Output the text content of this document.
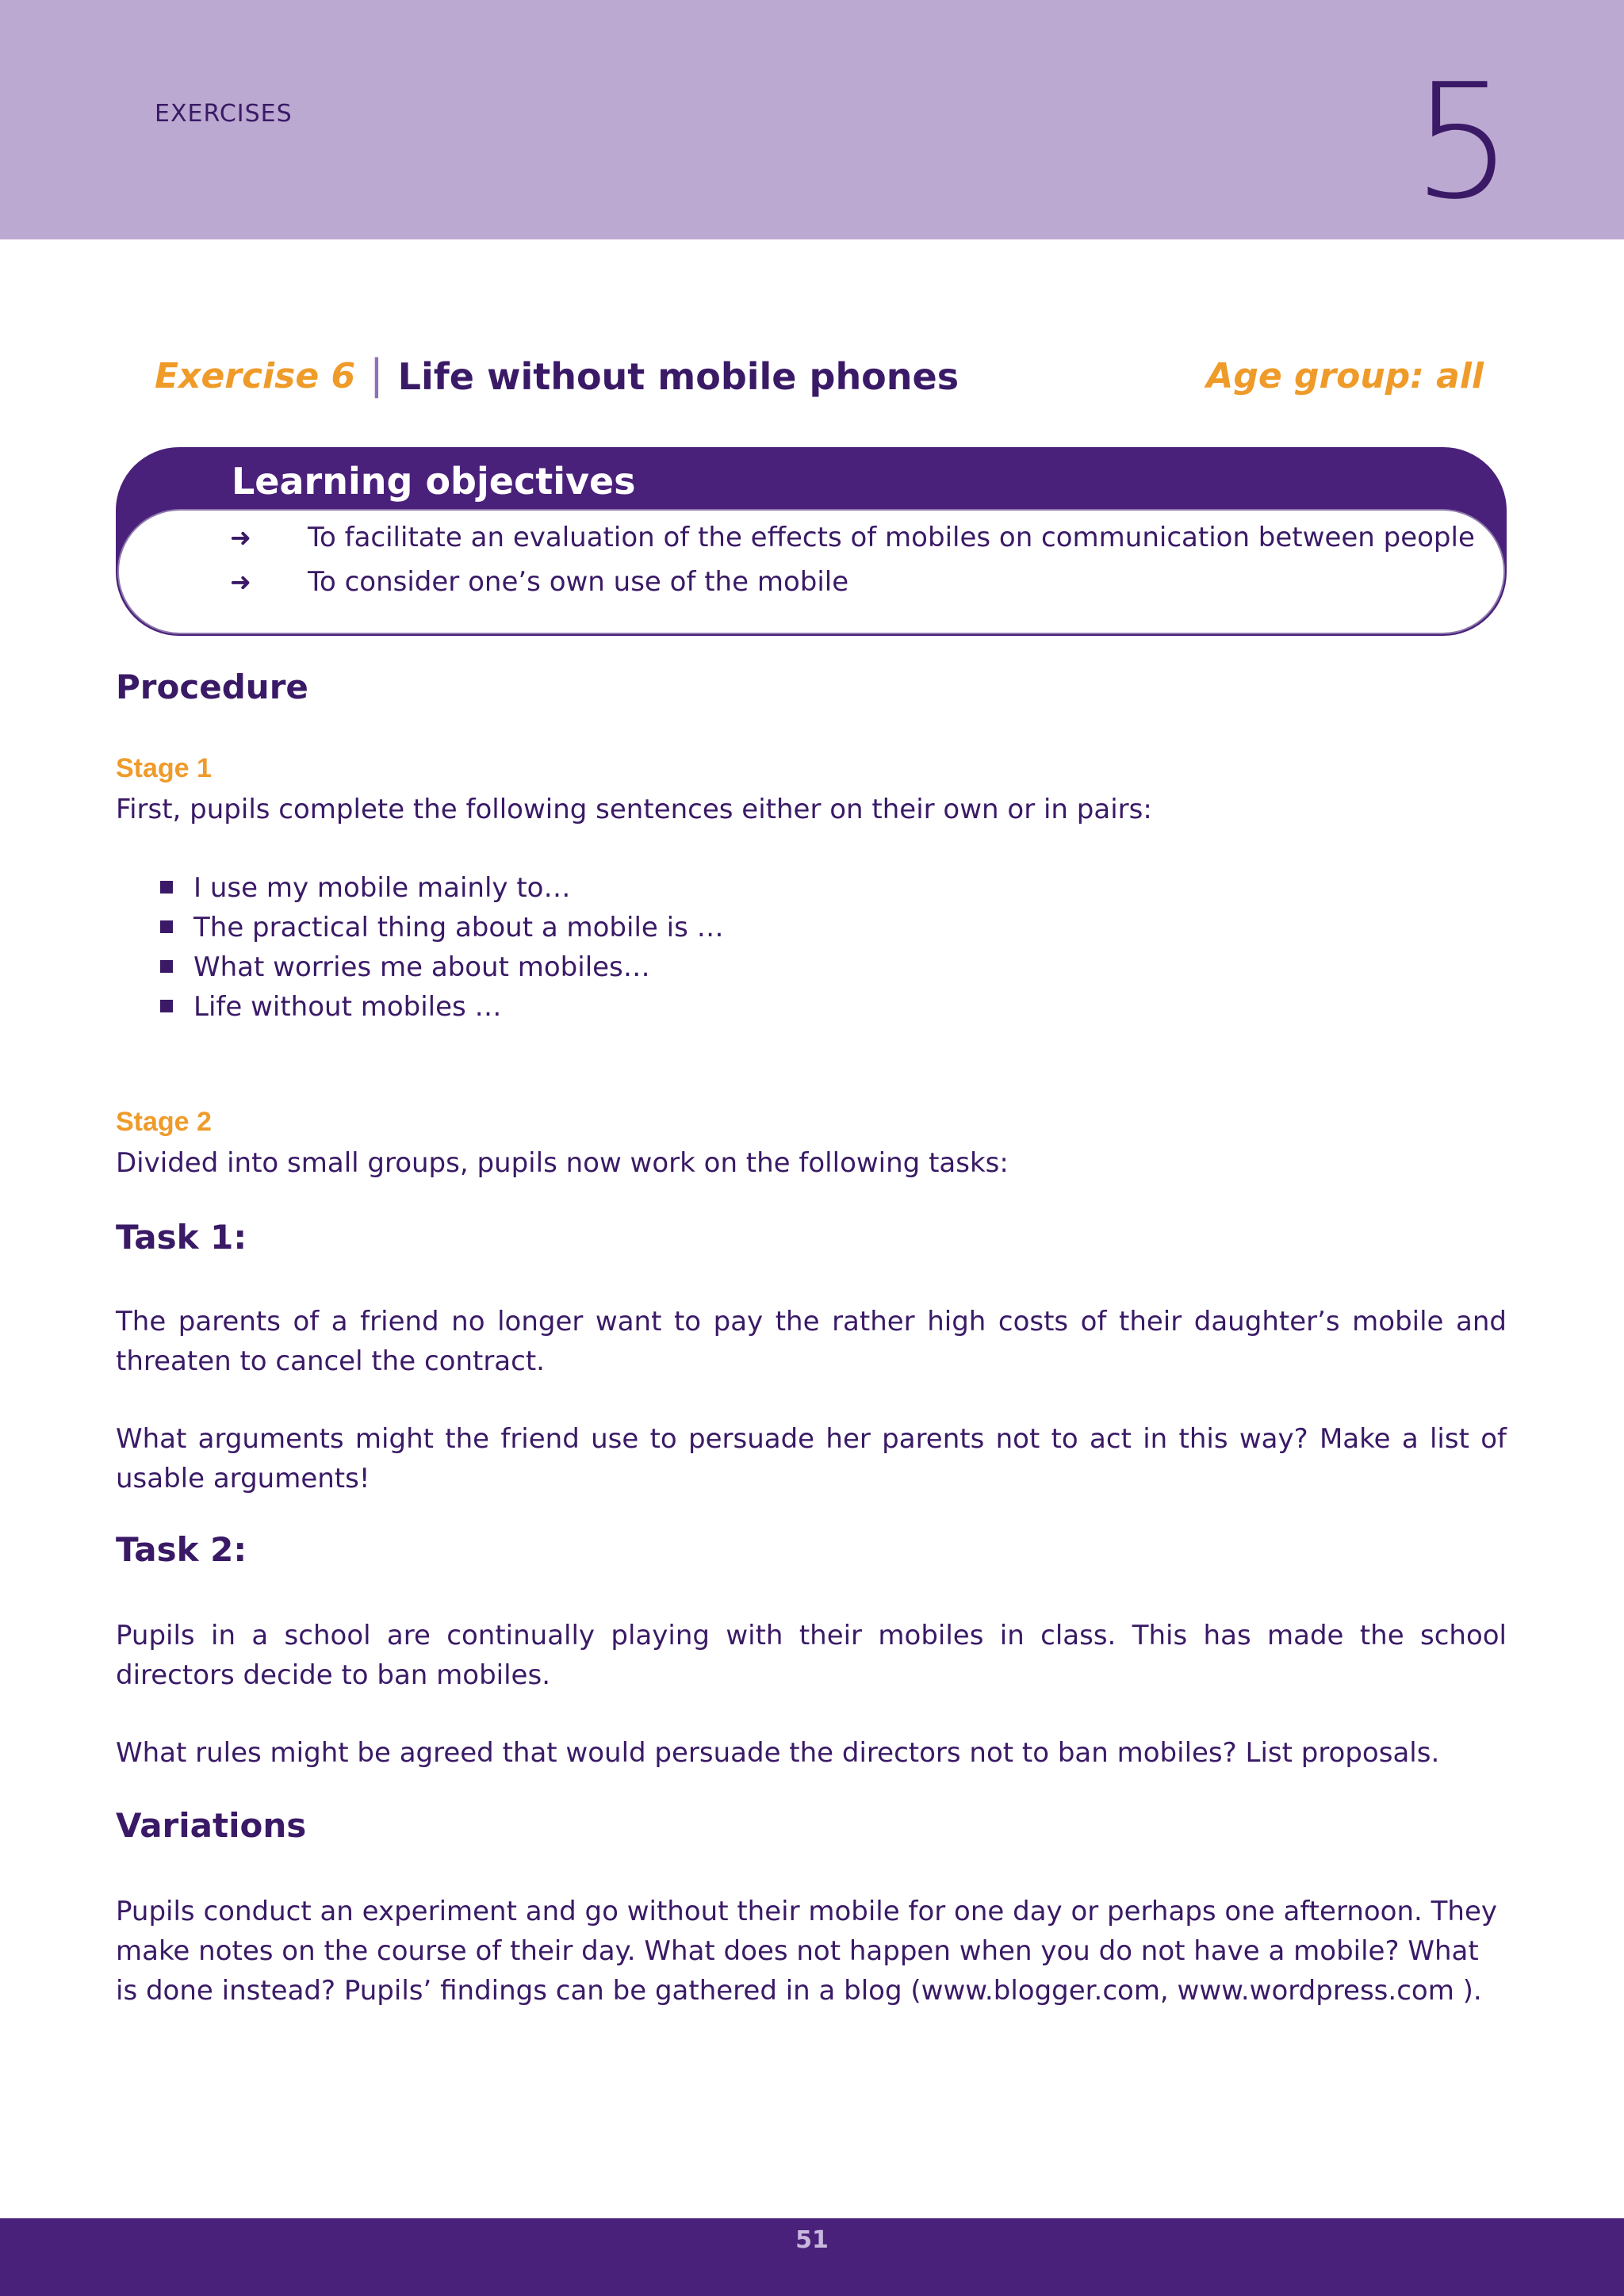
EXERCISES	5
Exercise 6 | Life without mobile phones	Age group: all
Learning objectives
➜ To facilitate an evaluation of the effects of mobiles on communication between people
➜ To consider one’s own use of the mobile
Procedure
Stage 1
First, pupils complete the following sentences either on their own or in pairs:
I use my mobile mainly to…
The practical thing about a mobile is …
What worries me about mobiles…
Life without mobiles …
Stage 2
Divided into small groups, pupils now work on the following tasks:
Task 1:
The parents of a friend no longer want to pay the rather high costs of their daughter’s mobile and threaten to cancel the contract.
What arguments might the friend use to persuade her parents not to act in this way? Make a list of usable arguments!
Task 2:
Pupils in a school are continually playing with their mobiles in class. This has made the school directors decide to ban mobiles.
What rules might be agreed that would persuade the directors not to ban mobiles? List proposals.
Variations
Pupils conduct an experiment and go without their mobile for one day or perhaps one afternoon. They make notes on the course of their day. What does not happen when you do not have a mobile? What is done instead? Pupils’ findings can be gathered in a blog (www.blogger.com, www.wordpress.com ).
51
